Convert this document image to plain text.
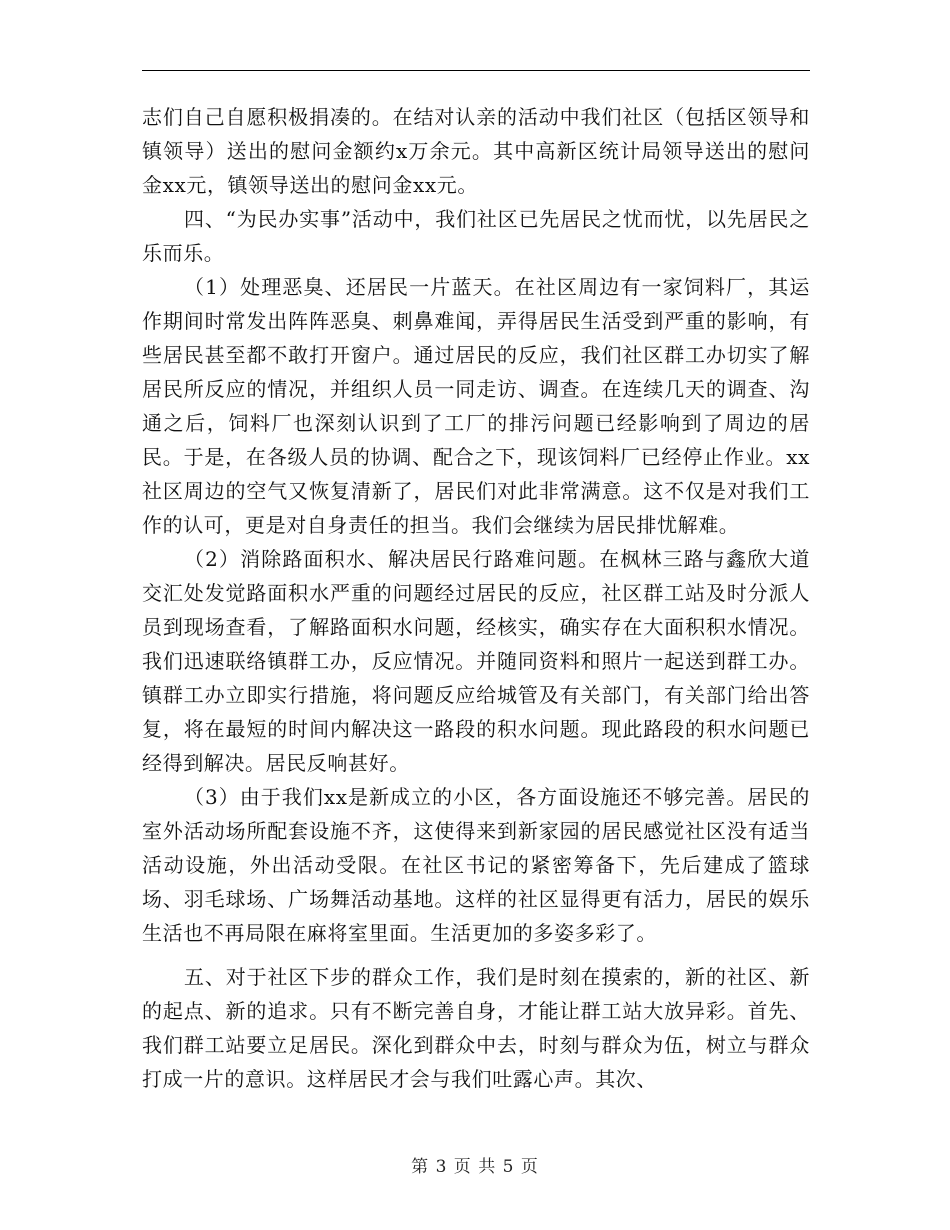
志们自己自愿积极捐凑的。在结对认亲的活动中我们社区（包括区领导和镇领导）送出的慰问金额约x万余元。其中高新区统计局领导送出的慰问金xx元，镇领导送出的慰问金xx元。

四、“为民办实事”活动中，我们社区已先居民之忧而忧，以先居民之乐而乐。

（1）处理恶臭、还居民一片蓝天。在社区周边有一家饲料厂，其运作期间时常发出阵阵恶臭、刺鼻难闻，弄得居民生活受到严重的影响，有些居民甚至都不敢打开窗户。通过居民的反应，我们社区群工办切实了解居民所反应的情况，并组织人员一同走访、调查。在连续几天的调查、沟通之后，饲料厂也深刻认识到了工厂的排污问题已经影响到了周边的居民。于是，在各级人员的协调、配合之下，现该饲料厂已经停止作业。xx社区周边的空气又恢复清新了，居民们对此非常满意。这不仅是对我们工作的认可，更是对自身责任的担当。我们会继续为居民排忧解难。

（2）消除路面积水、解决居民行路难问题。在枫林三路与鑫欣大道交汇处发觉路面积水严重的问题经过居民的反应，社区群工站及时分派人员到现场查看，了解路面积水问题，经核实，确实存在大面积积水情况。我们迅速联络镇群工办，反应情况。并随同资料和照片一起送到群工办。镇群工办立即实行措施，将问题反应给城管及有关部门，有关部门给出答复，将在最短的时间内解决这一路段的积水问题。现此路段的积水问题已经得到解决。居民反响甚好。

（3）由于我们xx是新成立的小区，各方面设施还不够完善。居民的室外活动场所配套设施不齐，这使得来到新家园的居民感觉社区没有适当活动设施，外出活动受限。在社区书记的紧密筹备下，先后建成了篮球场、羽毛球场、广场舞活动基地。这样的社区显得更有活力，居民的娱乐生活也不再局限在麻将室里面。生活更加的多姿多彩了。

五、对于社区下步的群众工作，我们是时刻在摸索的，新的社区、新的起点、新的追求。只有不断完善自身，才能让群工站大放异彩。首先、我们群工站要立足居民。深化到群众中去，时刻与群众为伍，树立与群众打成一片的意识。这样居民才会与我们吐露心声。其次、

第 3 页 共 5 页
